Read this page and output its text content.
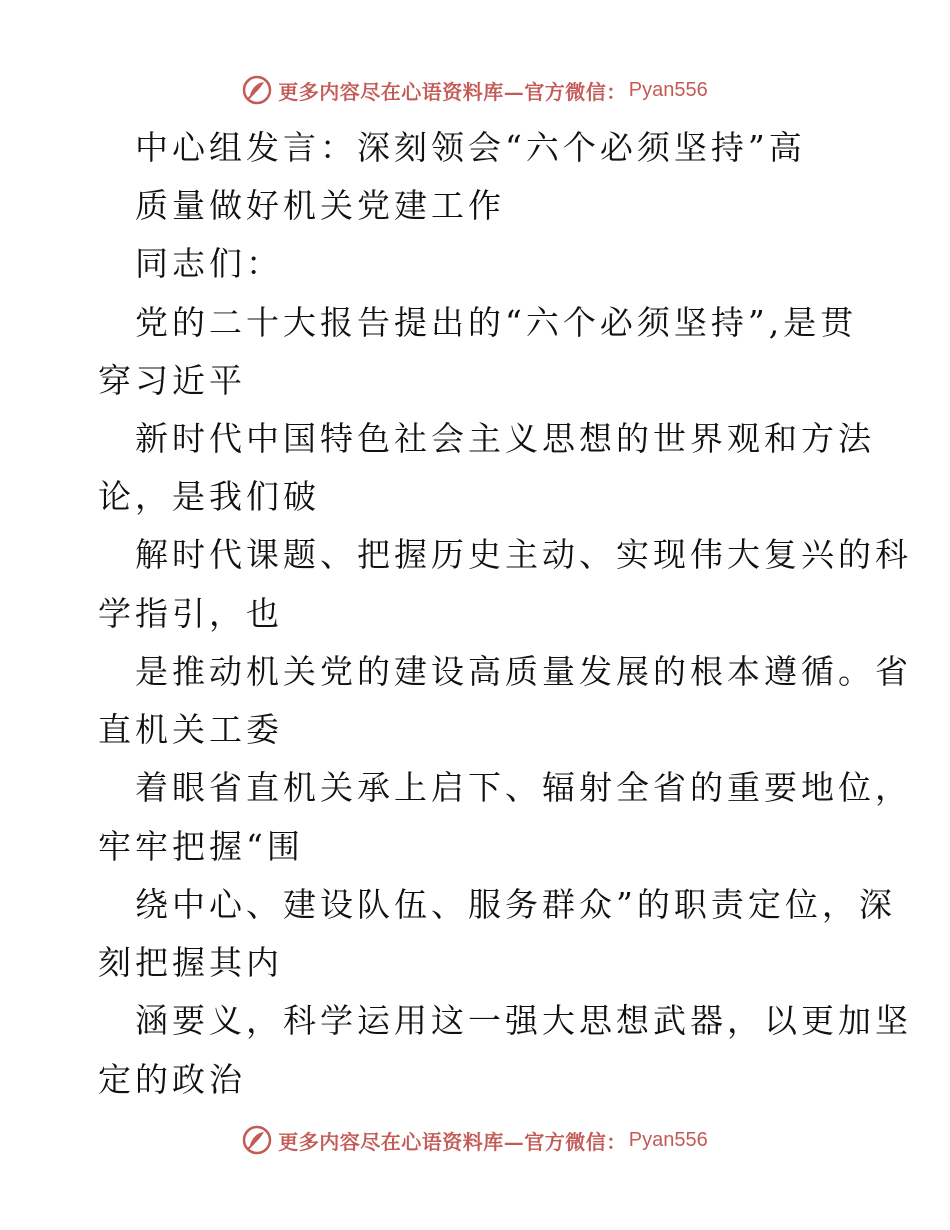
更多内容尽在心语资料库—官方微信： Pyan556
中心组发言：深刻领会“六个必须坚持”高
质量做好机关党建工作
同志们：
党的二十大报告提出的“六个必须坚持”,是贯
穿习近平
新时代中国特色社会主义思想的世界观和方法
论，是我们破
解时代课题、把握历史主动、实现伟大复兴的科
学指引，也
是推动机关党的建设高质量发展的根本遵循。省
直机关工委
着眼省直机关承上启下、辐射全省的重要地位，
牢牢把握“围
绕中心、建设队伍、服务群众”的职责定位，深
刻把握其内
涵要义，科学运用这一强大思想武器，以更加坚
定的政治
更多内容尽在心语资料库—官方微信： Pyan556
